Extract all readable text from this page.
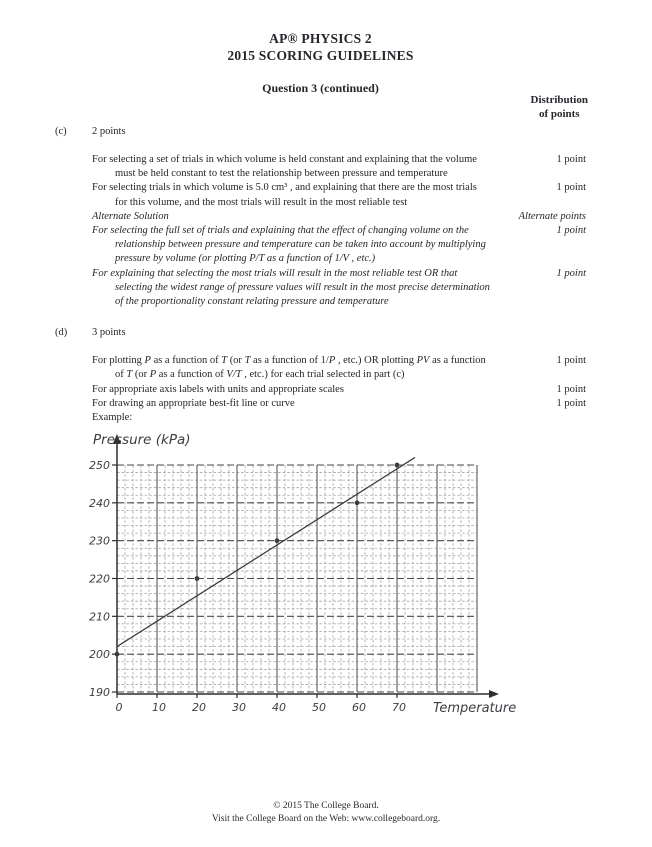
AP® PHYSICS 2
2015 SCORING GUIDELINES
Question 3 (continued)
Distribution
of points
(c)	2 points
For selecting a set of trials in which volume is held constant and explaining that the volume must be held constant to test the relationship between pressure and temperature
1 point
For selecting trials in which volume is 5.0 cm³ , and explaining that there are the most trials for this volume, and the most trials will result in the most reliable test
1 point
Alternate Solution	Alternate points
For selecting the full set of trials and explaining that the effect of changing volume on the relationship between pressure and temperature can be taken into account by multiplying pressure by volume (or plotting P/T as a function of 1/V , etc.)
1 point
For explaining that selecting the most trials will result in the most reliable test OR that selecting the widest range of pressure values will result in the most precise determination of the proportionality constant relating pressure and temperature
1 point
(d)	3 points
For plotting P as a function of T (or T as a function of 1/P , etc.) OR plotting PV as a function of T (or P as a function of V/T , etc.) for each trial selected in part (c)
1 point
For appropriate axis labels with units and appropriate scales	1 point
For drawing an appropriate best-fit line or curve	1 point
Example:
190
200
210
220
230
240
250
0	10 20 30 40 50 60 70
Pressure (kPa)
Temperature
© 2015 The College Board.
Visit the College Board on the Web: www.collegeboard.org.
